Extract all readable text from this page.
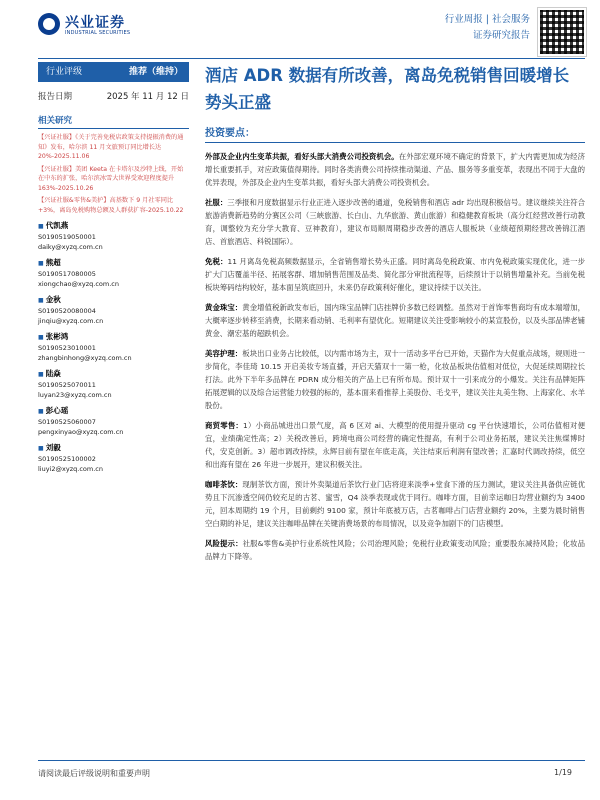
兴业证券
INDUSTRIAL SECURITIES
行业周报 | 社会服务
证券研究报告
行业评级	推荐（维持）
报告日期	2025 年 11 月 12 日
相关研究

【兴证社服】《关于完善免税店政策支持提振消费的通知》发布，哈尔滨 11 月文旅预订同比增长达 20%-2025.11.06

【兴证社服】美团 Keeta 在卡塔尔及沙特上线，开始在中东的扩张，哈尔滨冰雪大世界受欢迎程度提升 163%-2025.10.26

【兴证社服&零售&美护】高基数下 9 月社零同比+3%，离岛免税购物总额及人群获扩容-2025.10.22

■ 代凯燕
S0190519050001
daiky@xyzq.com.cn
■ 熊超
S0190517080005
xiongchao@xyzq.com.cn
■ 金秋
S0190520080004
jinqiu@xyzq.com.cn
■ 张彬鸿
S0190523010001
zhangbinhong@xyzq.com.cn
■ 陆焱
S0190525070011
luyan23@xyzq.com.cn
■ 彭心瑶
S0190525060007
pengxinyao@xyzq.com.cn
■ 刘毅
S0190525100002
liuyi2@xyzq.com.cn
酒店 ADR 数据有所改善，离岛免税销售回暖增长势头正盛
投资要点：
外部及企业内生变革共振，看好头部大消费公司投资机会。在外部宏观环境不确定的背景下，扩大内需更加成为经济增长重要抓手，对应政策值得期待。同时各类消费公司持续推动渠道、产品、服务等多重变革，表现出不同于大盘的优异表现，外部及企业内生变革共振，看好头部大消费公司投资机会。
社服：三季报和月度数据显示行业正进入逐步改善的通道，免税销售和酒店 adr 均出现积极信号。建议继续关注符合旅游消费新趋势的分赛区公司（三峡旅游、长白山、九华旅游、黄山旅游）和稳健教育板块（高分红经营改善行动教育，调整较为充分学大教育、豆神教育），建议布局顺周期稳步改善的酒店人服板块（业绩超预期经营改善锦江酒店、首旅酒店、科锐国际）。
免税：11 月离岛免税高频数据显示，全省销售增长势头正盛。同时离岛免税政策、市内免税政策实现优化，进一步扩大门店覆盖半径、拓展客群、增加销售范围及品类、简化部分审批流程等，后续预计于以销售增量补充。当前免税板块筹码结构较好，基本面呈筑底回升，未来仍存政策利好催化，建议持续于以关注。
黄金珠宝：黄金增值税新政发布后，国内珠宝品牌门店挂牌价多数已经调整。虽然对于首饰零售商均有成本端增加，大概率逐步转移至消费，长期来看动销、毛利率有望优化。短期建议关注受影响较小的某宣股份，以及头部品牌老铺黄金、潮宏基的超跌机会。
美容护理：板块出口业务占比较低，以内需市场为主，双十一活动多平台已开始，天猫作为大促重点战场，规则进一步简化，李佳琦 10.15 开启美妆专场直播，开启天猫双十一第一枪，化妆品板块估值相对低位，大促延续周期拉长打法。此外下半年多品牌在 PDRN 成分相关的产品上已有所布局。预计双十一引来成分的小爆发。关注有品牌矩阵拓展逻辑的以及综合运营能力较强的标的，基本面来看推荐上美股份、毛戈平，建议关注丸美生物、上海家化、水羊股份。
商贸零售：1）小商品城进出口景气度，高 6 区对 ai、大模型的使用提升驱动 cg 平台快速增长，公司估值相对便宜，业绩确定性高；2）关税改善后，跨境电商公司经营的确定性提高，有利于公司业务拓展，建议关注焦煤博时代，安克创新。3）超市调改持续，永辉目前有望在年底走高，关注结束后利润有望改善；汇嘉时代调改持续，低空和出海有望在 26 年进一步展开，建议积极关注。
咖啡茶饮：现制茶饮方面，预计外卖渠道后茶饮行业门店将迎来淡季+堂食下滑的压力测试，建议关注具备供应链优势且下沉渗透空间仍较充足的古茗、蜜雪，Q4 淡季表现或优于同行。咖啡方面，目前幸运咖日均营业额约为 3400 元，回本周期约 19 个月，目前剩约 9100 家，预计年底被万店，古茗咖啡占门店营业额约 20%，主要为晨时销售空白期的补足，建议关注咖啡品牌在关键消费场景的布局情况，以及竞争加剧下的门店模型。
风险提示：社服&零售&美护行业系统性风险；公司治理风险；免税行业政策变动风险；重要股东减持风险；化妆品品牌力下降等。
请阅读最后评级说明和重要声明	1/19
